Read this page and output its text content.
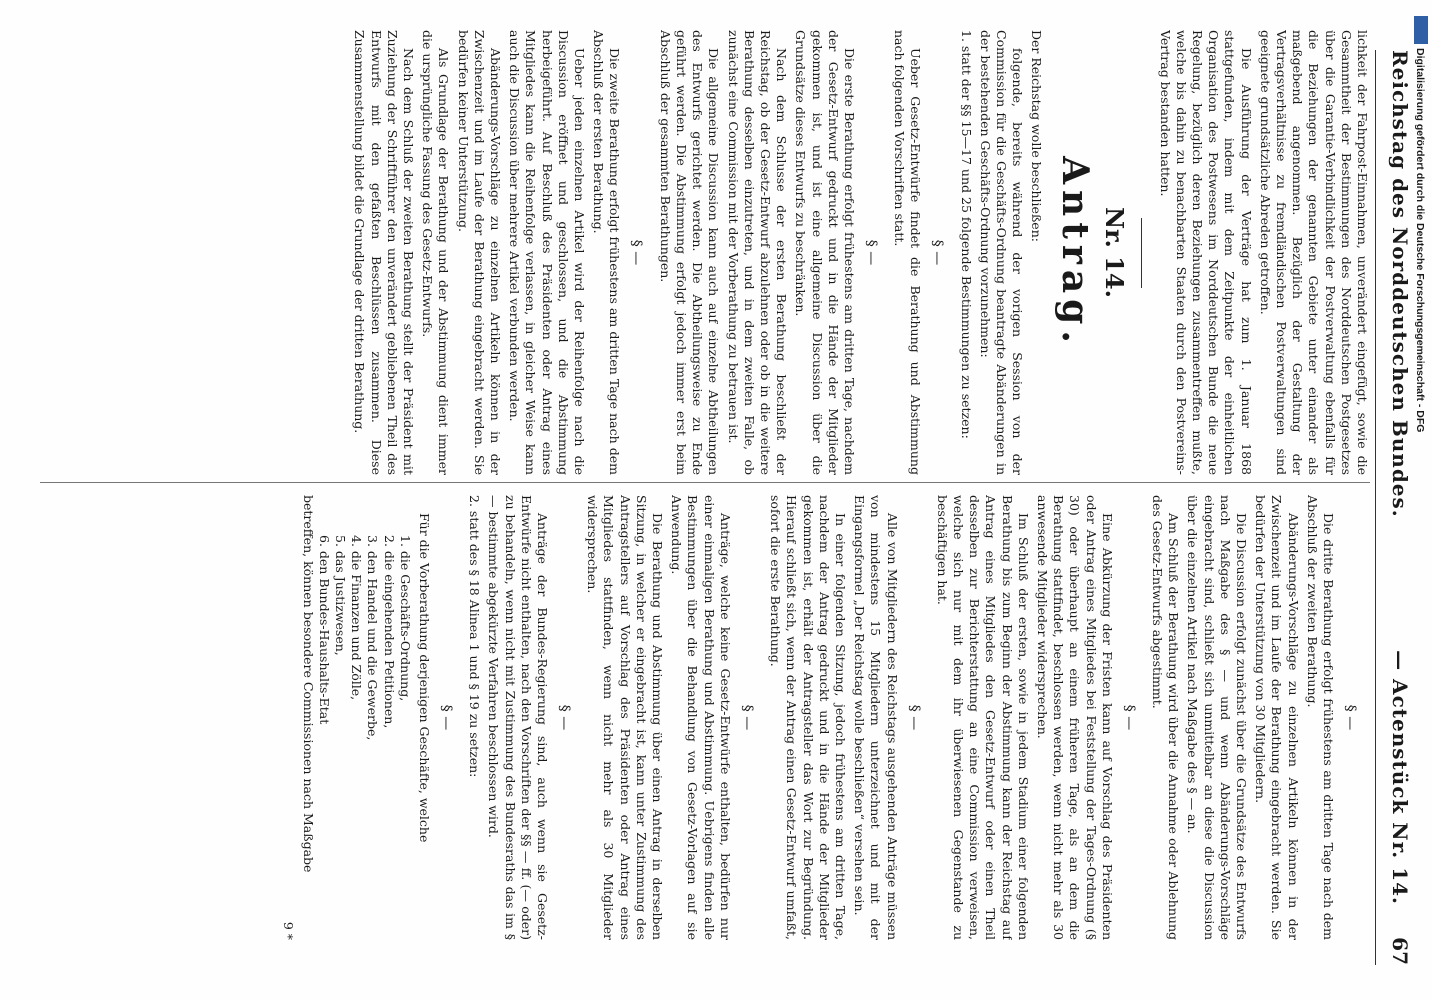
Reichstag des Norddeutschen Bundes.
— Actenstück Nr. 14.
67

lichkeit der Fahrpost-Einnahmen, unverändert eingefügt, sowie die Gesammtheit der Bestimmungen des Norddeutschen Postgesetzes über die Garantie-Verbindlichkeit der Postverwaltung ebenfalls für die Beziehungen der genannten Gebiete unter einander als maßgebend angenommen. Bezüglich der Gestaltung der Vertragsverhältnisse zu fremdländischen Postverwaltungen sind geeignete grundsätzliche Abreden getroffen.

Die Ausführung der Verträge hat zum 1. Januar 1868 stattgefunden, indem mit dem Zeitpunkte der einheitlichen Organisation des Postwesens im Norddeutschen Bunde die neue Regelung, bezüglich deren Beziehungen zusammentreffen mußte, welche bis dahin zu benachbarten Staaten durch den Postvereins-Vertrag bestanden hatten.

Nr. 14.
Antrag.

Der Reichstag wolle beschließen:

folgende, bereits während der vorigen Session von der Commission für die Geschäfts-Ordnung beantragte Abänderungen in der bestehenden Geschäfts-Ordnung vorzunehmen:

1. statt der §§ 15—17 und 25 folgende Bestimmungen zu setzen:

§ —

Ueber Gesetz-Entwürfe findet die Berathung und Abstimmung nach folgenden Vorschriften statt.

§ —

Die erste Berathung erfolgt frühestens am dritten Tage, nachdem der Gesetz-Entwurf gedruckt und in die Hände der Mitglieder gekommen ist, und ist eine allgemeine Discussion über die Grundsätze dieses Entwurfs zu beschränken.

Nach dem Schlusse der ersten Berathung beschließt der Reichstag, ob der Gesetz-Entwurf abzulehnen oder ob in die weitere Berathung desselben einzutreten, und in dem zweiten Falle, ob zunächst eine Commission mit der Vorberathung zu betrauen ist.

Die allgemeine Discussion kann auch auf einzelne Abtheilungen des Entwurfs gerichtet werden. Die Abtheilungsweise zu Ende geführt werden. Die Abstimmung erfolgt jedoch immer erst beim Abschluß der gesammten Berathungen.

§ —

Die zweite Berathung erfolgt frühestens am dritten Tage nach dem Abschluß der ersten Berathung.

Ueber jeden einzelnen Artikel wird der Reihenfolge nach die Discussion eröffnet und geschlossen, und die Abstimmung herbeigeführt. Auf Beschluß des Präsidenten oder Antrag eines Mitgliedes kann die Reihenfolge verlassen, in gleicher Weise kann auch die Discussion über mehrere Artikel verbunden werden.

Abänderungs-Vorschläge zu einzelnen Artikeln können in der Zwischenzeit und im Laufe der Berathung eingebracht werden. Sie bedürfen keiner Unterstützung.

Als Grundlage der Berathung und der Abstimmung dient immer die ursprüngliche Fassung des Gesetz-Entwurfs.

Nach dem Schluß der zweiten Berathung stellt der Präsident mit Zuziehung der Schriftführer den unverändert gebliebenen Theil des Entwurfs mit den gefaßten Beschlüssen zusammen. Diese Zusammenstellung bildet die Grundlage der dritten Berathung.

§ —

Die dritte Berathung erfolgt frühestens am dritten Tage nach dem Abschluß der zweiten Berathung.

Abänderungs-Vorschläge zu einzelnen Artikeln können in der Zwischenzeit und im Laufe der Berathung eingebracht werden. Sie bedürfen der Unterstützung von 30 Mitgliedern.

Die Discussion erfolgt zunächst über die Grundsätze des Entwurfs nach Maßgabe des § — und wenn Abänderungs-Vorschläge eingebracht sind, schließt sich unmittelbar an diese die Discussion über die einzelnen Artikel nach Maßgabe des § — an.

Am Schluß der Berathung wird über die Annahme oder Ablehnung des Gesetz-Entwurfs abgestimmt.

§ —

Eine Abkürzung der Fristen kann auf Vorschlag des Präsidenten oder Antrag eines Mitgliedes bei Feststellung der Tages-Ordnung (§ 30) oder überhaupt an einem früheren Tage, als an dem die Berathung stattfindet, beschlossen werden, wenn nicht mehr als 30 anwesende Mitglieder widersprechen.

Im Schluß der ersten, sowie in jedem Stadium einer folgenden Berathung bis zum Beginn der Abstimmung kann der Reichstag auf Antrag eines Mitgliedes den Gesetz-Entwurf oder einen Theil desselben zur Berichterstattung an eine Commission verweisen, welche sich nur mit dem ihr überwiesenen Gegenstande zu beschäftigen hat.

§ —

Alle von Mitgliedern des Reichstags ausgehenden Anträge müssen von mindestens 15 Mitgliedern unterzeichnet und mit der Eingangsformel „Der Reichstag wolle beschließen“ versehen sein.

In einer folgenden Sitzung, jedoch frühestens am dritten Tage, nachdem der Antrag gedruckt und in die Hände der Mitglieder gekommen ist, erhält der Antragsteller das Wort zur Begründung. Hierauf schließt sich, wenn der Antrag einen Gesetz-Entwurf umfaßt, sofort die erste Berathung.

§ —

Anträge, welche keine Gesetz-Entwürfe enthalten, bedürfen nur einer einmaligen Berathung und Abstimmung. Uebrigens finden alle Bestimmungen über die Behandlung von Gesetz-Vorlagen auf sie Anwendung.

Die Berathung und Abstimmung über einen Antrag in derselben Sitzung, in welcher er eingebracht ist, kann unter Zustimmung des Antragstellers auf Vorschlag des Präsidenten oder Antrag eines Mitgliedes stattfinden, wenn nicht mehr als 30 Mitglieder widersprechen.

§ —

Anträge der Bundes-Regierung sind, auch wenn sie Gesetz-Entwürfe nicht enthalten, nach den Vorschriften der §§ — ff. (— oder) zu behandeln, wenn nicht mit Zustimmung des Bundesraths das im § — bestimmte abgekürzte Verfahren beschlossen wird.

2. statt des § 18 Alinea 1 und § 19 zu setzen:

§ —

Für die Vorberathung derjenigen Geschäfte, welche

1. die Geschäfts-Ordnung,
2. die eingehenden Petitionen,
3. den Handel und die Gewerbe,
4. die Finanzen und Zölle,
5. das Justizwesen,
6. den Bundes-Haushalts-Etat

betreffen, können besondere Commissionen nach Maßgabe

9 *

Digitalisierung gefördert durch die Deutsche Forschungsgemeinschaft - DFG
